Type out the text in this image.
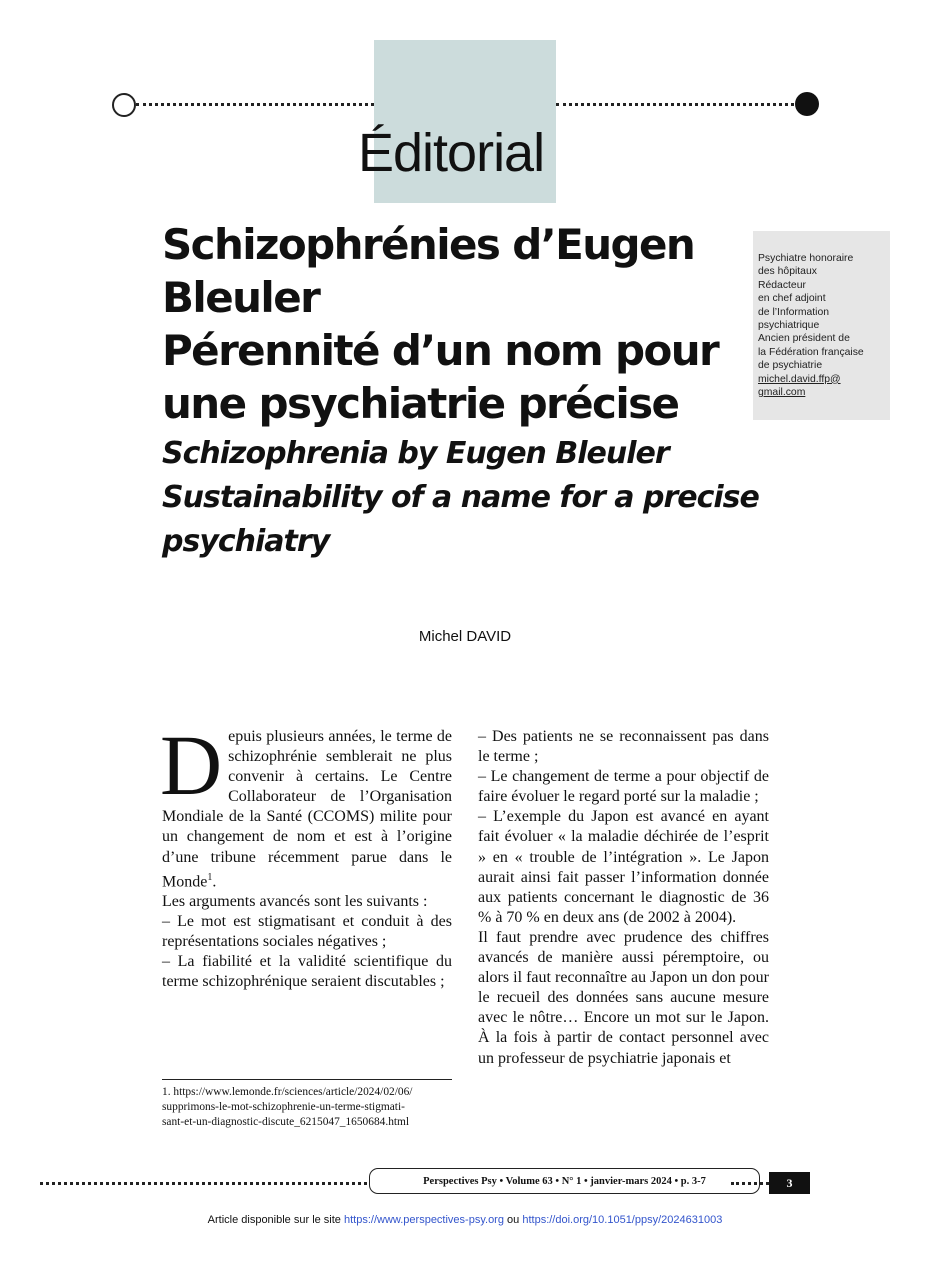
Éditorial
Schizophrénies d’Eugen
Bleuler
Pérennité d’un nom pour
une psychiatrie précise
Schizophrenia by Eugen Bleuler
Sustainability of a name for a precise
psychiatry
Psychiatre honoraire
des hôpitaux
Rédacteur
en chef adjoint
de l’Information
psychiatrique
Ancien président de
la Fédération française
de psychiatrie
michel.david.ffp@
gmail.com
Michel DAVID

Depuis plusieurs années, le terme de schizophrénie semblerait ne plus convenir à certains. Le Centre Collaborateur de l’Organisation Mondiale de la Santé (CCOMS) milite pour un changement de nom et est à l’origine d’une tribune récemment parue dans le Monde$^1$.

Les arguments avancés sont les suivants :

– Le mot est stigmatisant et conduit à des représentations sociales négatives ;

– La fiabilité et la validité scientifique du terme schizophrénique seraient discutables ;

1. https://www.lemonde.fr/sciences/article/2024/02/06/
supprimons-le-mot-schizophrenie-un-terme-stigmati-
sant-et-un-diagnostic-discute_6215047_1650684.html

– Des patients ne se reconnaissent pas dans le terme ;

– Le changement de terme a pour objectif de faire évoluer le regard porté sur la maladie ;

– L’exemple du Japon est avancé en ayant fait évoluer « la maladie déchirée de l’esprit » en « trouble de l’intégration ». Le Japon aurait ainsi fait passer l’information donnée aux patients concernant le diagnostic de 36 % à 70 % en deux ans (de 2002 à 2004).

Il faut prendre avec prudence des chiffres avancés de manière aussi péremptoire, ou alors il faut reconnaître au Japon un don pour le recueil des données sans aucune mesure avec le nôtre… Encore un mot sur le Japon. À la fois à partir de contact personnel avec un professeur de psychiatrie japonais et

Perspectives Psy • Volume 63 • N° 1 • janvier-mars 2024 • p. 3-7	3
Article disponible sur le site https://www.perspectives-psy.org ou https://doi.org/10.1051/ppsy/2024631003
